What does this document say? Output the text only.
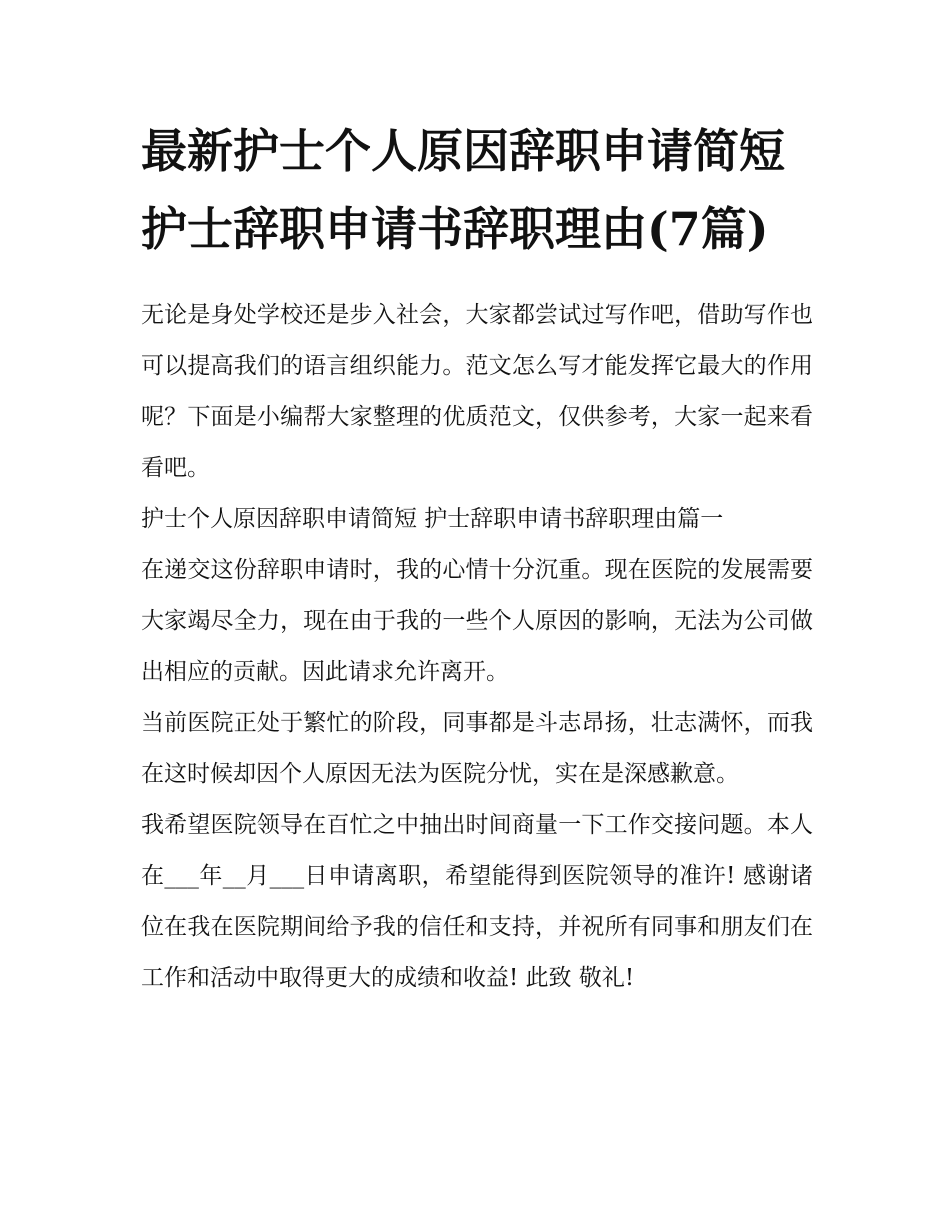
最新护士个人原因辞职申请简短 护士辞职申请书辞职理由(7篇)

无论是身处学校还是步入社会，大家都尝试过写作吧，借助写作也可以提高我们的语言组织能力。范文怎么写才能发挥它最大的作用呢？下面是小编帮大家整理的优质范文，仅供参考，大家一起来看看吧。

护士个人原因辞职申请简短 护士辞职申请书辞职理由篇一

在递交这份辞职申请时，我的心情十分沉重。现在医院的发展需要大家竭尽全力，现在由于我的一些个人原因的影响，无法为公司做出相应的贡献。因此请求允许离开。

当前医院正处于繁忙的阶段，同事都是斗志昂扬，壮志满怀，而我在这时候却因个人原因无法为医院分忧，实在是深感歉意。

我希望医院领导在百忙之中抽出时间商量一下工作交接问题。本人在___年__月___日申请离职，希望能得到医院领导的准许! 感谢诸位在我在医院期间给予我的信任和支持，并祝所有同事和朋友们在工作和活动中取得更大的成绩和收益! 此致 敬礼!
